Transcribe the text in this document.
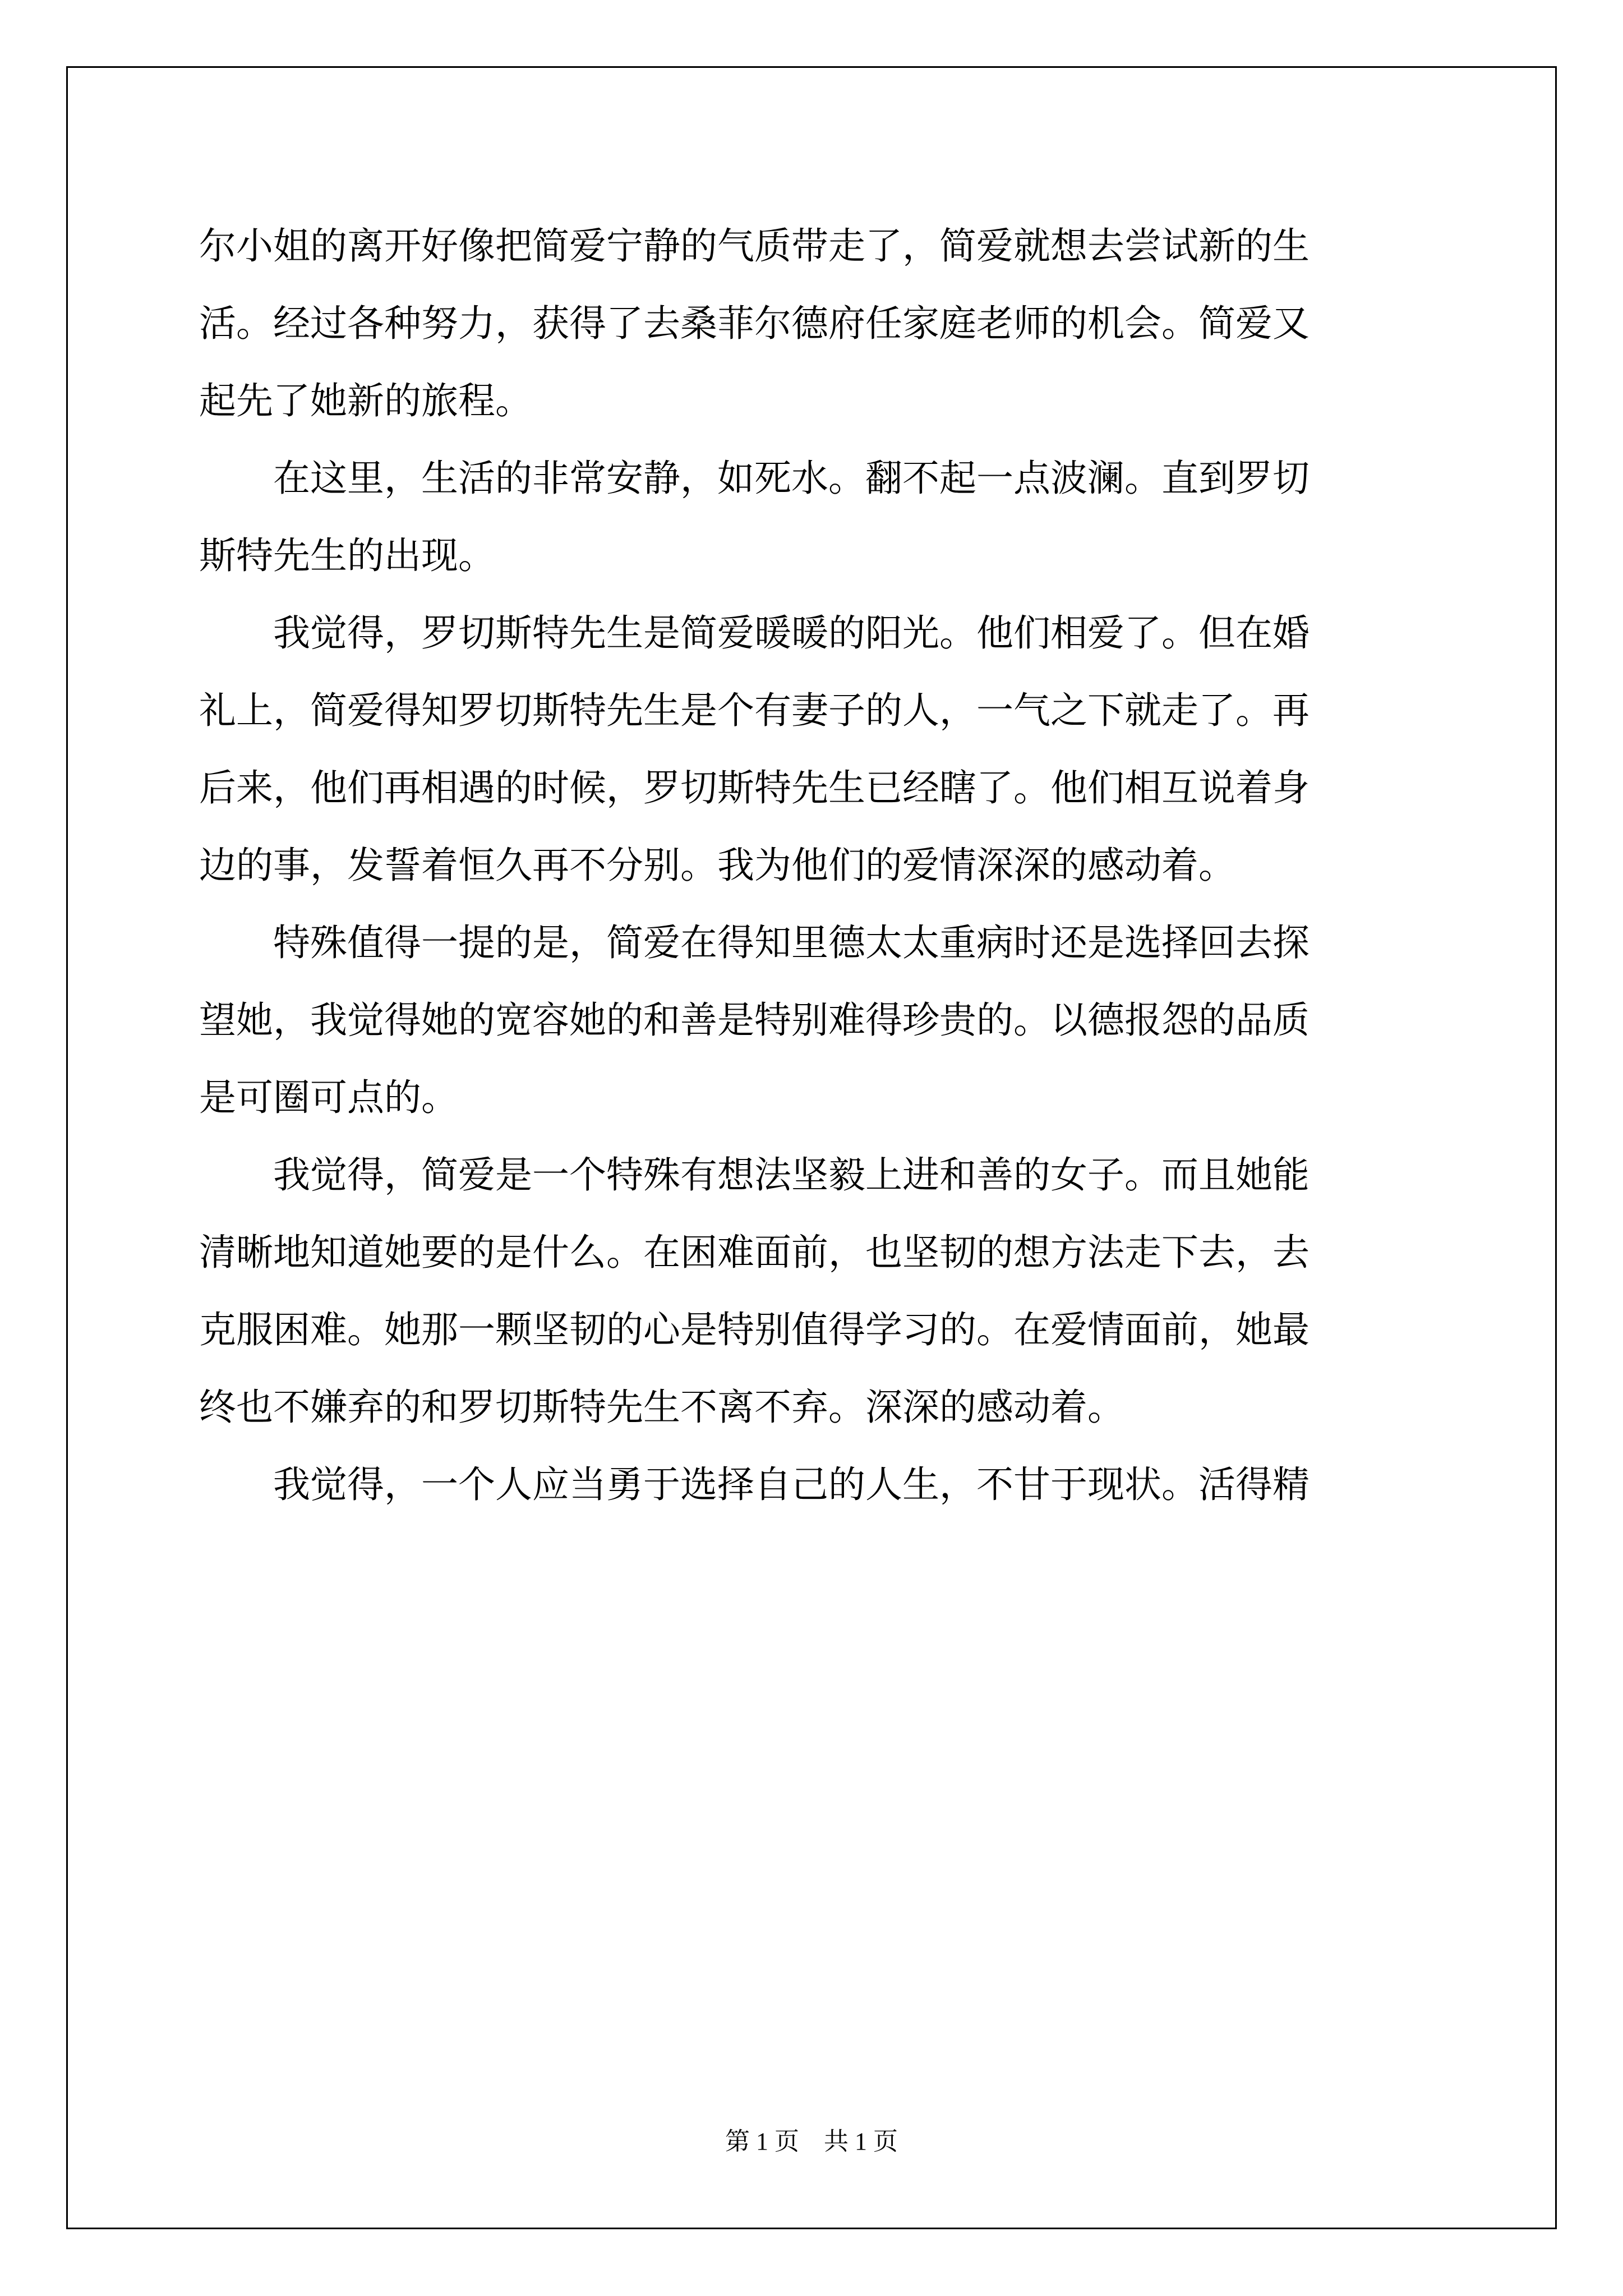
尔小姐的离开好像把简爱宁静的气质带走了，简爱就想去尝试新的生
活。经过各种努力，获得了去桑菲尔德府任家庭老师的机会。简爱又
起先了她新的旅程。
　　在这里，生活的非常安静，如死水。翻不起一点波澜。直到罗切
斯特先生的出现。
　　我觉得，罗切斯特先生是简爱暖暖的阳光。他们相爱了。但在婚
礼上，简爱得知罗切斯特先生是个有妻子的人，一气之下就走了。再
后来，他们再相遇的时候，罗切斯特先生已经瞎了。他们相互说着身
边的事，发誓着恒久再不分别。我为他们的爱情深深的感动着。
　　特殊值得一提的是，简爱在得知里德太太重病时还是选择回去探
望她，我觉得她的宽容她的和善是特别难得珍贵的。以德报怨的品质
是可圈可点的。
　　我觉得，简爱是一个特殊有想法坚毅上进和善的女子。而且她能
清晰地知道她要的是什么。在困难面前，也坚韧的想方法走下去，去
克服困难。她那一颗坚韧的心是特别值得学习的。在爱情面前，她最
终也不嫌弃的和罗切斯特先生不离不弃。深深的感动着。
　　我觉得，一个人应当勇于选择自己的人生，不甘于现状。活得精
第 1 页 共 1 页
